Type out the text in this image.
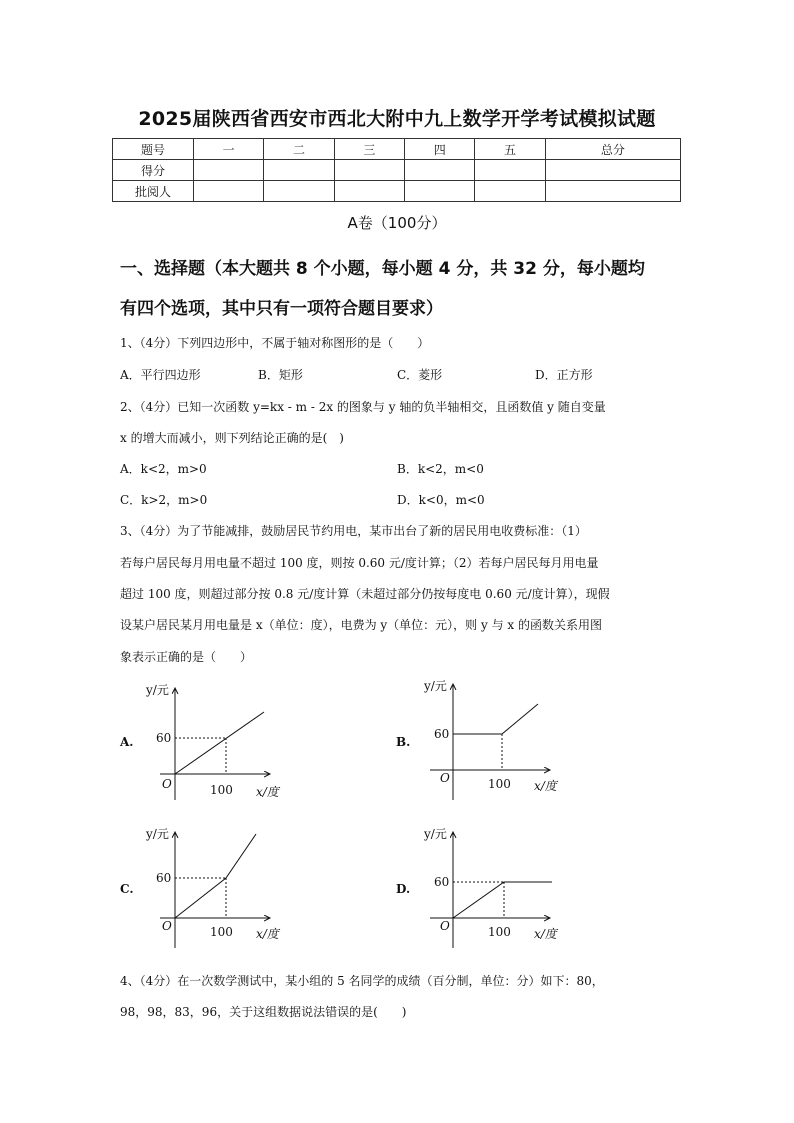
2025届陕西省西安市西北大附中九上数学开学考试模拟试题
题号	一	二	三	四	五	总分
得分						
批阅人						
A卷（100分）
一、选择题（本大题共 8 个小题，每小题 4 分，共 32 分，每小题均
有四个选项，其中只有一项符合题目要求）
1、（4分）下列四边形中，不属于轴对称图形的是（　　）
A．平行四边形	B．矩形	C．菱形	D．正方形
2、（4分）已知一次函数 y=kx - m - 2x 的图象与 y 轴的负半轴相交，且函数值 y 随自变量
x 的增大而减小，则下列结论正确的是(　)
A．k<2，m>0	B．k<2，m<0
C．k>2，m>0	D．k<0，m<0
3、（4分）为了节能减排，鼓励居民节约用电，某市出台了新的居民用电收费标准：（1）
若每户居民每月用电量不超过 100 度，则按 0.60 元/度计算；（2）若每户居民每月用电量
超过 100 度，则超过部分按 0.8 元/度计算（未超过部分仍按每度电 0.60 元/度计算），现假
设某户居民某月用电量是 x（单位：度），电费为 y（单位：元），则 y 与 x 的函数关系用图
象表示正确的是（　　）
A.
y/元
x/度
O	100
60	B.
y/元
x/度
O	100
60
C.
y/元
x/度
O	100
60
D.
y/元
x/度
O	100
60
4、（4分）在一次数学测试中，某小组的 5 名同学的成绩（百分制，单位：分）如下：80，
98，98，83，96，关于这组数据说法错误的是(　　)
